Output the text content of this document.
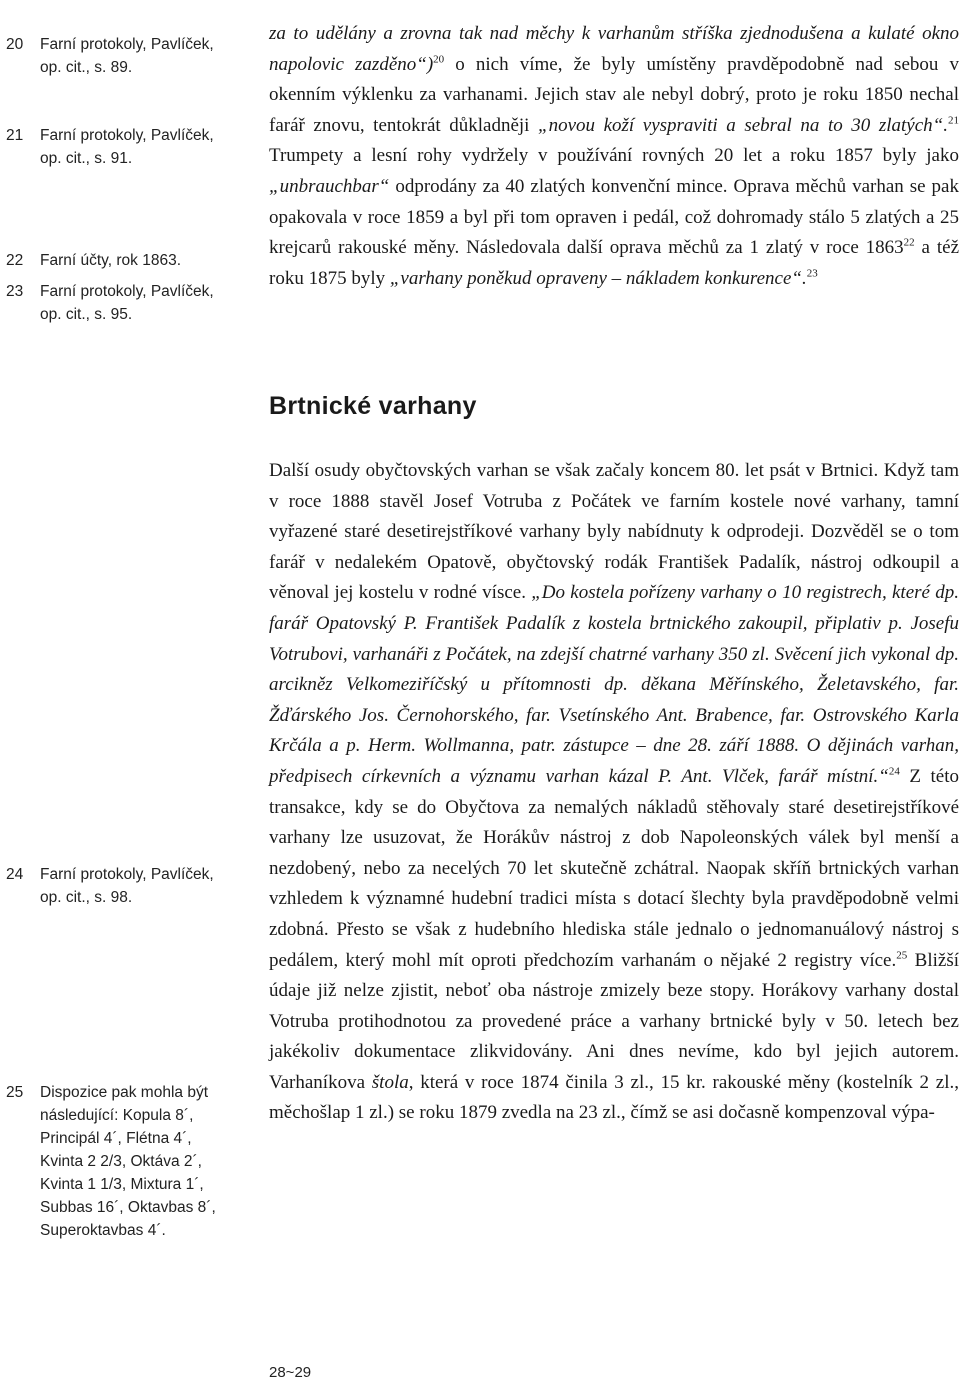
20 Farní protokoly, Pavlíček,
op. cit., s. 89.
21 Farní protokoly, Pavlíček,
op. cit., s. 91.
22 Farní účty, rok 1863.
23 Farní protokoly, Pavlíček,
op. cit., s. 95.
24 Farní protokoly, Pavlíček,
op. cit., s. 98.
25 Dispozice pak mohla být
následující: Kopula 8´,
Principál 4´, Flétna 4´,
Kvinta 2 2/3, Oktáva 2´,
Kvinta 1 1/3, Mixtura 1´,
Subbas 16´, Oktavbas 8´,
Superoktavbas 4´.

za to udělány a zrovna tak nad měchy k varhanům stříška zjednodušena a kulaté okno napolovic zazděno“)$^{20}$ o nich víme, že byly umístěny pravděpodobně nad sebou v okenním výklenku za varhanami. Jejich stav ale nebyl dobrý, proto je roku 1850 nechal farář znovu, tentokrát důkladněji „novou koží vyspraviti a sebral na to 30 zlatých“.$^{21}$ Trumpety a lesní rohy vydržely v používání rovných 20 let a roku 1857 byly jako „unbrauchbar“ odprodány za 40 zlatých konvenční mince. Oprava měchů varhan se pak opakovala v roce 1859 a byl při tom opraven i pedál, což dohromady stálo 5 zlatých a 25 krejcarů rakouské měny. Následovala další oprava měchů za 1 zlatý v roce 1863$^{22}$ a též roku 1875 byly „varhany poněkud opraveny – nákladem konkurence“.$^{23}$

Brtnické varhany

Další osudy obyčtovských varhan se však začaly koncem 80. let psát v Brtnici. Když tam v roce 1888 stavěl Josef Votruba z Počátek ve farním kostele nové varhany, tamní vyřazené staré desetirejstříkové varhany byly nabídnuty k odprodeji. Dozvěděl se o tom farář v nedalekém Opatově, obyčtovský rodák František Padalík, nástroj odkoupil a věnoval jej kostelu v rodné vísce. „Do kostela pořízeny varhany o 10 registrech, které dp. farář Opatovský P. František Padalík z kostela brtnického zakoupil, připlativ p. Josefu Votrubovi, varhanáři z Počátek, na zdejší chatrné varhany 350 zl. Svěcení jich vykonal dp. arcikněz Velkomeziříčský u přítomnosti dp. děkana Měřínského, Želetavského, far. Žďárského Jos. Černohorského, far. Vsetínského Ant. Brabence, far. Ostrovského Karla Krčála a p. Herm. Wollmanna, patr. zástupce – dne 28. září 1888. O dějinách varhan, předpisech církevních a významu varhan kázal P. Ant. Vlček, farář místní.“$^{24}$ Z této transakce, kdy se do Obyčtova za nemalých nákladů stěhovaly staré desetirejstříkové varhany lze usuzovat, že Horákův nástroj z dob Napoleonských válek byl menší a nezdobený, nebo za necelých 70 let skutečně zchátral. Naopak skříň brtnických varhan vzhledem k významné hudební tradici místa s dotací šlechty byla pravděpodobně velmi zdobná. Přesto se však z hudebního hlediska stále jednalo o jednomanuálový nástroj s pedálem, který mohl mít oproti předchozím varhanám o nějaké 2 registry více.$^{25}$ Bližší údaje již nelze zjistit, neboť oba nástroje zmizely beze stopy. Horákovy varhany dostal Votruba protihodnotou za provedené práce a varhany brtnické byly v 50. letech bez jakékoliv dokumentace zlikvidovány. Ani dnes nevíme, kdo byl jejich autorem. Varhaníkova štola, která v roce 1874 činila 3 zl., 15 kr. rakouské měny (kostelník 2 zl., měchošlap 1 zl.) se roku 1879 zvedla na 23 zl., čímž se asi dočasně kompenzoval výpa-

28~29
